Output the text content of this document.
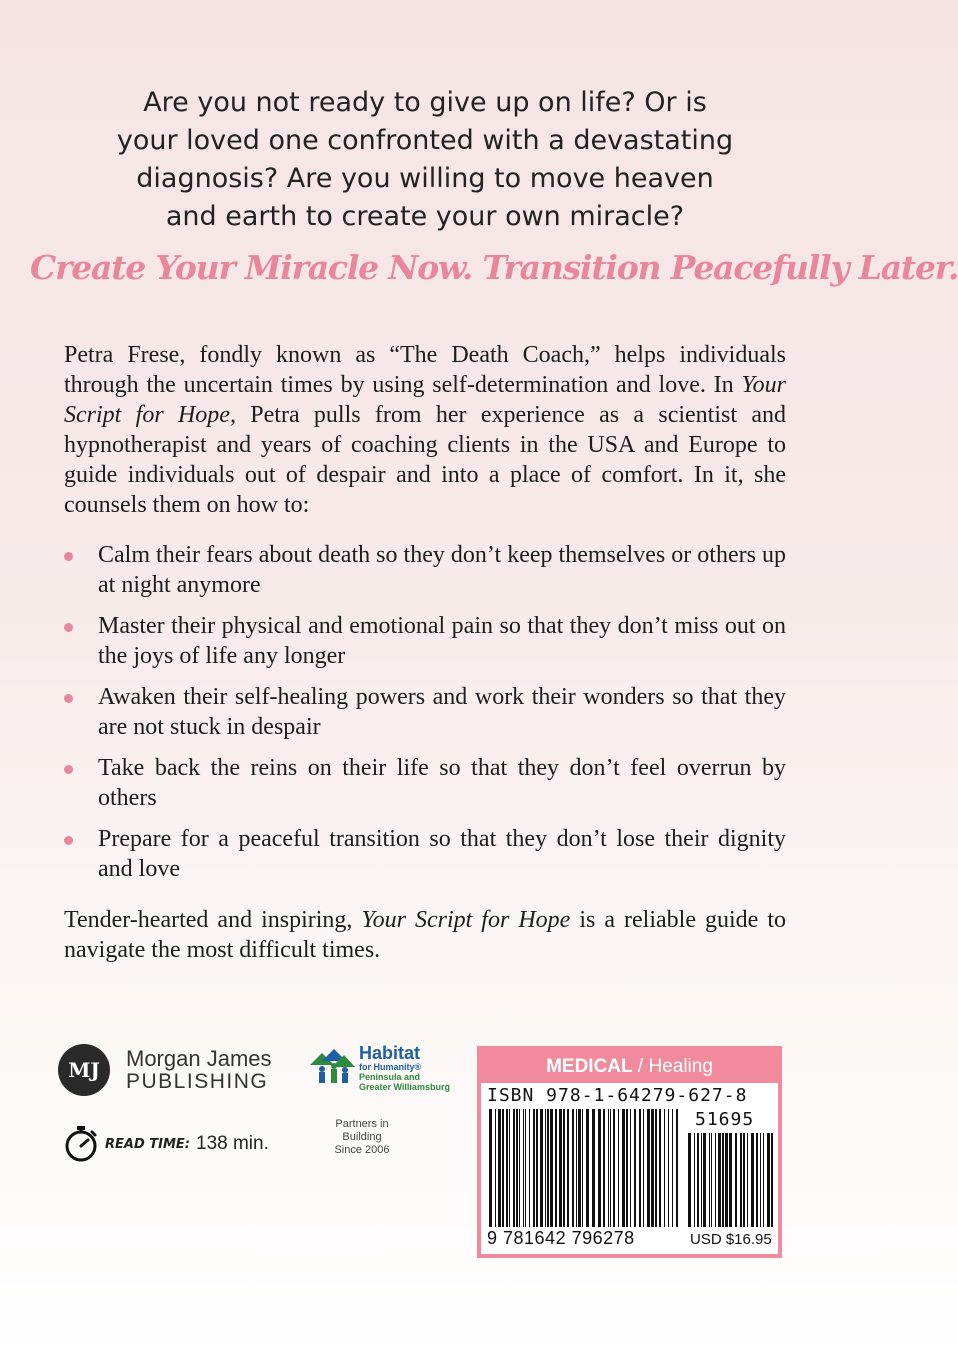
Are you not ready to give up on life? Or is
your loved one confronted with a devastating
diagnosis? Are you willing to move heaven
and earth to create your own miracle?
Create Your Miracle Now. Transition Peacefully Later.

Petra Frese, fondly known as “The Death Coach,” helps individuals through the uncertain times by using self-determination and love. In Your Script for Hope, Petra pulls from her experience as a scientist and hypnotherapist and years of coaching clients in the USA and Europe to guide individuals out of despair and into a place of comfort. In it, she counsels them on how to:

Calm their fears about death so they don’t keep themselves or others up at night anymore
Master their physical and emotional pain so that they don’t miss out on the joys of life any longer
Awaken their self-healing powers and work their wonders so that they are not stuck in despair
Take back the reins on their life so that they don’t feel overrun by others
Prepare for a peaceful transition so that they don’t lose their dignity and love

Tender-hearted and inspiring, Your Script for Hope is a reliable guide to navigate the most difficult times.

MJ	Morgan James
PUBLISHING
Habitat
for Humanity®
Peninsula and
Greater Williamsburg
Partners in Building
Since 2006
READ TIME: 138 min.
MEDICAL / Healing
ISBN 978-1-64279-627-8
51695
9 781642 796278	USD $16.95
